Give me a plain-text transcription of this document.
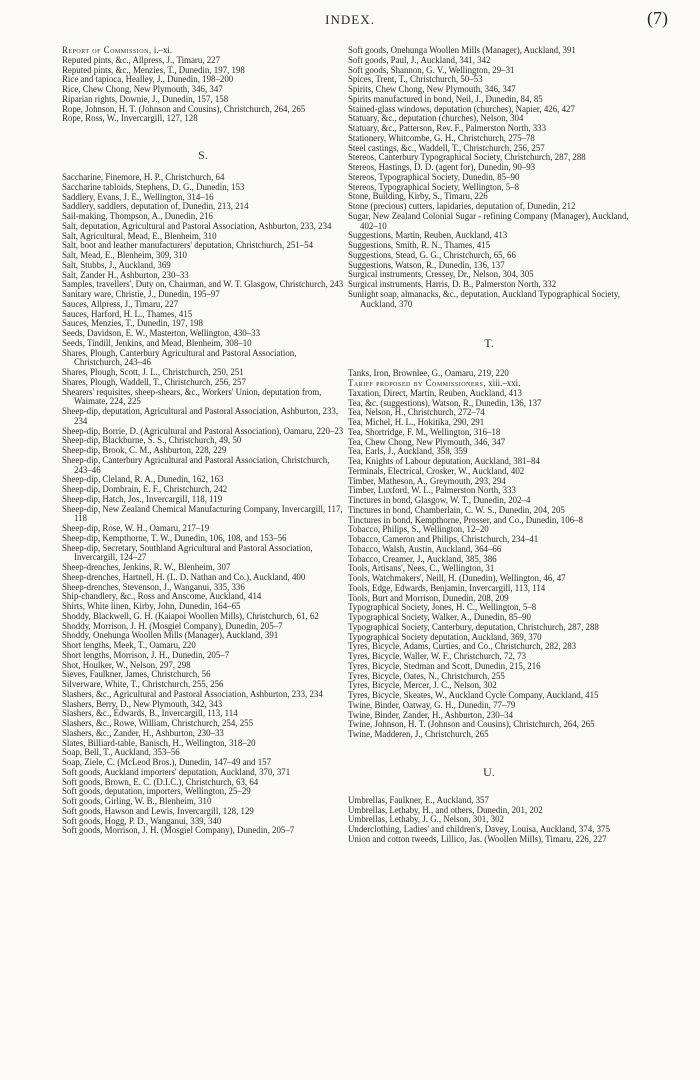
INDEX.	(7)
Report of Commission, i.–xi.
Reputed pints, &c., Allpress, J., Timaru, 227
Reputed pints, &c., Menzies, T., Dunedin, 197, 198
Rice and tapioca, Healley, J., Dunedin, 198–200
Rice, Chew Chong, New Plymouth, 346, 347
Riparian rights, Downie, J., Dunedin, 157, 158
Rope, Johnson, H. T. (Johnson and Cousins), Christchurch, 264, 265
Rope, Ross, W., Invercargill, 127, 128
S.
Saccharine, Finemore, H. P., Christchurch, 64
Saccharine tabloids, Stephens, D. G., Dunedin, 153
Saddlery, Evans, J. E., Wellington, 314–16
Saddlery, saddlers, deputation of, Dunedin, 213, 214
Sail-making, Thompson, A., Dunedin, 216
Salt, deputation, Agricultural and Pastoral Association, Ashburton, 233, 234
Salt, Agricultural, Mead, E., Blenheim, 310
Salt, boot and leather manufacturers' deputation, Christchurch, 251–54
Salt, Mead, E., Blenheim, 309, 310
Salt, Stubbs, J., Auckland, 369
Salt, Zander H., Ashburton, 230–33
Samples, travellers', Duty on, Chairman, and W. T. Glasgow, Christchurch, 243
Sanitary ware, Christie, J., Dunedin, 195–97
Sauces, Allpress, J., Timaru, 227
Sauces, Harford, H. L., Thames, 415
Sauces, Menzies, T., Dunedin, 197, 198
Seeds, Davidson, E. W., Masterton, Wellington, 430–33
Seeds, Tindill, Jenkins, and Mead, Blenheim, 308–10
Shares, Plough, Canterbury Agricultural and Pastoral Association, Christchurch, 243–46
Shares, Plough, Scott, J. L., Christchurch, 250, 251
Shares, Plough, Waddell, T., Christchurch, 256, 257
Shearers' requisites, sheep-shears, &c., Workers' Union, deputation from, Waimate, 224, 225
Sheep-dip, deputation, Agricultural and Pastoral Association, Ashburton, 233, 234
Sheep-dip, Borrie, D. (Agricultural and Pastoral Association), Oamaru, 220–23
Sheep-dip, Blackburne, S. S., Christchurch, 49, 50
Sheep-dip, Brook, C. M., Ashburton, 228, 229
Sheep-dip, Canterbury Agricultural and Pastoral Association, Christchurch, 243–46
Sheep-dip, Cleland, R. A., Dunedin, 162, 163
Sheep-dip, Dombrain, E. F., Christchurch, 242
Sheep-dip, Hatch, Jos., Invercargill, 118, 119
Sheep-dip, New Zealand Chemical Manufacturing Company, Invercargill, 117, 118
Sheep-dip, Rose, W. H., Oamaru, 217–19
Sheep-dip, Kempthorne, T. W., Dunedin, 106, 108, and 153–56
Sheep-dip, Secretary, Southland Agricultural and Pastoral Association, Invercargill, 124–27
Sheep-drenches, Jenkins, R. W., Blenheim, 307
Sheep-drenches, Hartnell, H. (L. D. Nathan and Co.), Auckland, 400
Sheep-drenches, Stevenson, J., Wanganui, 335, 336
Ship-chandlery, &c., Ross and Anscome, Auckland, 414
Shirts, White linen, Kirby, John, Dunedin, 164–65
Shoddy, Blackwell, G. H. (Kaiapoi Woollen Mills), Christchurch, 61, 62
Shoddy, Morrison, J. H. (Mosgiel Company), Dunedin, 205–7
Shoddy, Onehunga Woollen Mills (Manager), Auckland, 391
Short lengths, Meek, T., Oamaru, 220
Short lengths, Morrison, J. H., Dunedin, 205–7
Shot, Houlker, W., Nelson, 297, 298
Sieves, Faulkner, James, Christchurch, 56
Silverware, White, T., Christchurch, 255, 256
Slashers, &c., Agricultural and Pastoral Association, Ashburton, 233, 234
Slashers, Berry, D., New Plymouth, 342, 343
Slashers, &c., Edwards, B., Invercargill, 113, 114
Slashers, &c., Rowe, William, Christchurch, 254, 255
Slashers, &c., Zander, H., Ashburton, 230–33
Slates, Billiard-table, Banisch, H., Wellington, 318–20
Soap, Bell, T., Auckland, 353–56
Soap, Ziele, C. (McLeod Bros.), Dunedin, 147–49 and 157
Soft goods, Auckland importers' deputation, Auckland, 370, 371
Soft goods, Brown, E. C. (D.I.C.), Christchurch, 63, 64
Soft goods, deputation, importers, Wellington, 25–29
Soft goods, Girling, W. B., Blenheim, 310
Soft goods, Hawson and Lewis, Invercargill, 128, 129
Soft goods, Hogg, P. D., Wanganui, 339, 340
Soft goods, Morrison, J. H. (Mosgiel Company), Dunedin, 205–7
Soft goods, Onehunga Woollen Mills (Manager), Auckland, 391
Soft goods, Paul, J., Auckland, 341, 342
Soft goods, Shannon, G. V., Wellington, 29–31
Spices, Trent, T., Christchurch, 50–53
Spirits, Chew Chong, New Plymouth, 346, 347
Spirits manufactured in bond, Neil, J., Dunedin, 84, 85
Stained-glass windows, deputation (churches), Napier, 426, 427
Statuary, &c., deputation (churches), Nelson, 304
Statuary, &c., Patterson, Rev. F., Palmerston North, 333
Stationery, Whitcombe, G. H., Christchurch, 275–78
Steel castings, &c., Waddell, T., Christchurch, 256, 257
Stereos, Canterbury Typographical Society, Christchurch, 287, 288
Stereos, Hastings, D. D. (agent for), Dunedin, 90–93
Stereos, Typographical Society, Dunedin, 85–90
Stereos, Typographical Society, Wellington, 5–8
Stone, Building, Kirby, S., Timaru, 226
Stone (precious) cutters, lapidaries, deputation of, Dunedin, 212
Sugar, New Zealand Colonial Sugar - refining Company (Manager), Auckland, 402–10
Suggestions, Martin, Reuben, Auckland, 413
Suggestions, Smith, R. N., Thames, 415
Suggestions, Stead, G. G., Christchurch, 65, 66
Suggestions, Watson, R., Dunedin, 136, 137
Surgical instruments, Cressey, Dr., Nelson, 304, 305
Surgical instruments, Harris, D. B., Palmerston North, 332
Sunlight soap, almanacks, &c., deputation, Auckland Typographical Society, Auckland, 370
T.
Tanks, Iron, Brownlee, G., Oamaru, 219, 220
Tariff proposed by Commissioners, xiii.–xxi.
Taxation, Direct, Martin, Reuben, Auckland, 413
Tea, &c. (suggestions), Watson, R., Dunedin, 136, 137
Tea, Nelson, H., Christchurch, 272–74
Tea, Michel, H. L., Hokitika, 290, 291
Tea, Shortridge, F. M., Wellington, 316–18
Tea, Chew Chong, New Plymouth, 346, 347
Tea, Earls, J., Auckland, 358, 359
Tea, Knights of Labour deputation, Auckland, 381–84
Terminals, Electrical, Crosker, W., Auckland, 402
Timber, Matheson, A., Greymouth, 293, 294
Timber, Luxford, W. L., Palmerston North, 333
Tinctures in bond, Glasgow, W. T., Dunedin, 202–4
Tinctures in bond, Chamberlain, C. W. S., Dunedin, 204, 205
Tinctures in bond, Kempthorne, Prosser, and Co., Dunedin, 106–8
Tobacco, Philips, S., Wellington, 12–20
Tobacco, Cameron and Philips, Christchurch, 234–41
Tobacco, Walsh, Austin, Auckland, 364–66
Tobacco, Creamer, J., Auckland, 385, 386
Tools, Artisans', Nees, C., Wellington, 31
Tools, Watchmakers', Neill, H. (Dunedin), Wellington, 46, 47
Tools, Edge, Edwards, Benjamin, Invercargill, 113, 114
Tools, Burt and Morrison, Dunedin, 208, 209
Typographical Society, Jones, H. C., Wellington, 5–8
Typographical Society, Walker, A., Dunedin, 85–90
Typographical Society, Canterbury, deputation, Christchurch, 287, 288
Typographical Society deputation, Auckland, 369, 370
Tyres, Bicycle, Adams, Curties, and Co., Christchurch, 282, 283
Tyres, Bicycle, Waller, W. F., Christchurch, 72, 73
Tyres, Bicycle, Stedman and Scott, Dunedin, 215, 216
Tyres, Bicycle, Oates, N., Christchurch, 255
Tyres, Bicycle, Mercer, J. C., Nelson, 302
Tyres, Bicycle, Skeates, W., Auckland Cycle Company, Auckland, 415
Twine, Binder, Oatway, G. H., Dunedin, 77–79
Twine, Binder, Zander, H., Ashburton, 230–34
Twine, Johnson, H. T. (Johnson and Cousins), Christchurch, 264, 265
Twine, Madderen, J., Christchurch, 265
U.
Umbrellas, Faulkner, E., Auckland, 357
Umbrellas, Lethaby, H., and others, Dunedin, 201, 202
Umbrellas, Lethaby, J. G., Nelson, 301, 302
Underclothing, Ladies' and children's, Davey, Louisa, Auckland, 374, 375
Union and cotton tweeds, Lillico, Jas. (Woollen Mills), Timaru, 226, 227
